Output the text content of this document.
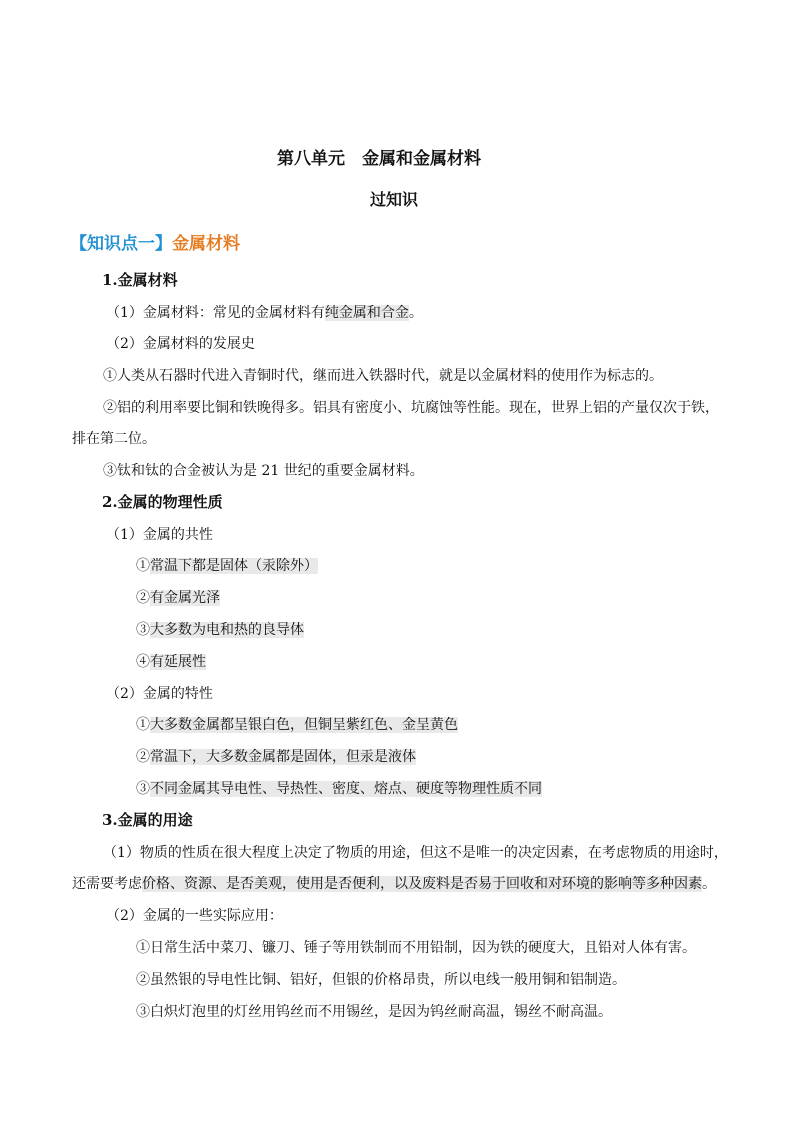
第八单元　金属和金属材料
过知识
【知识点一】金属材料
1.金属材料
（1）金属材料：常见的金属材料有纯金属和合金。
（2）金属材料的发展史
①人类从石器时代进入青铜时代，继而进入铁器时代，就是以金属材料的使用作为标志的。
②铝的利用率要比铜和铁晚得多。铝具有密度小、坑腐蚀等性能。现在，世界上铝的产量仅次于铁，
排在第二位。
③钛和钛的合金被认为是 21 世纪的重要金属材料。
2.金属的物理性质
（1）金属的共性
①常温下都是固体（汞除外）
②有金属光泽
③大多数为电和热的良导体
④有延展性
（2）金属的特性
①大多数金属都呈银白色，但铜呈紫红色、金呈黄色
②常温下，大多数金属都是固体，但汞是液体
③不同金属其导电性、导热性、密度、熔点、硬度等物理性质不同
3.金属的用途
（1）物质的性质在很大程度上决定了物质的用途，但这不是唯一的决定因素，在考虑物质的用途时，
还需要考虑价格、资源、是否美观，使用是否便利，以及废料是否易于回收和对环境的影响等多种因素。
（2）金属的一些实际应用：
①日常生活中菜刀、镰刀、锤子等用铁制而不用铅制，因为铁的硬度大，且铅对人体有害。
②虽然银的导电性比铜、铝好，但银的价格昂贵，所以电线一般用铜和铝制造。
③白炽灯泡里的灯丝用钨丝而不用锡丝，是因为钨丝耐高温，锡丝不耐高温。
